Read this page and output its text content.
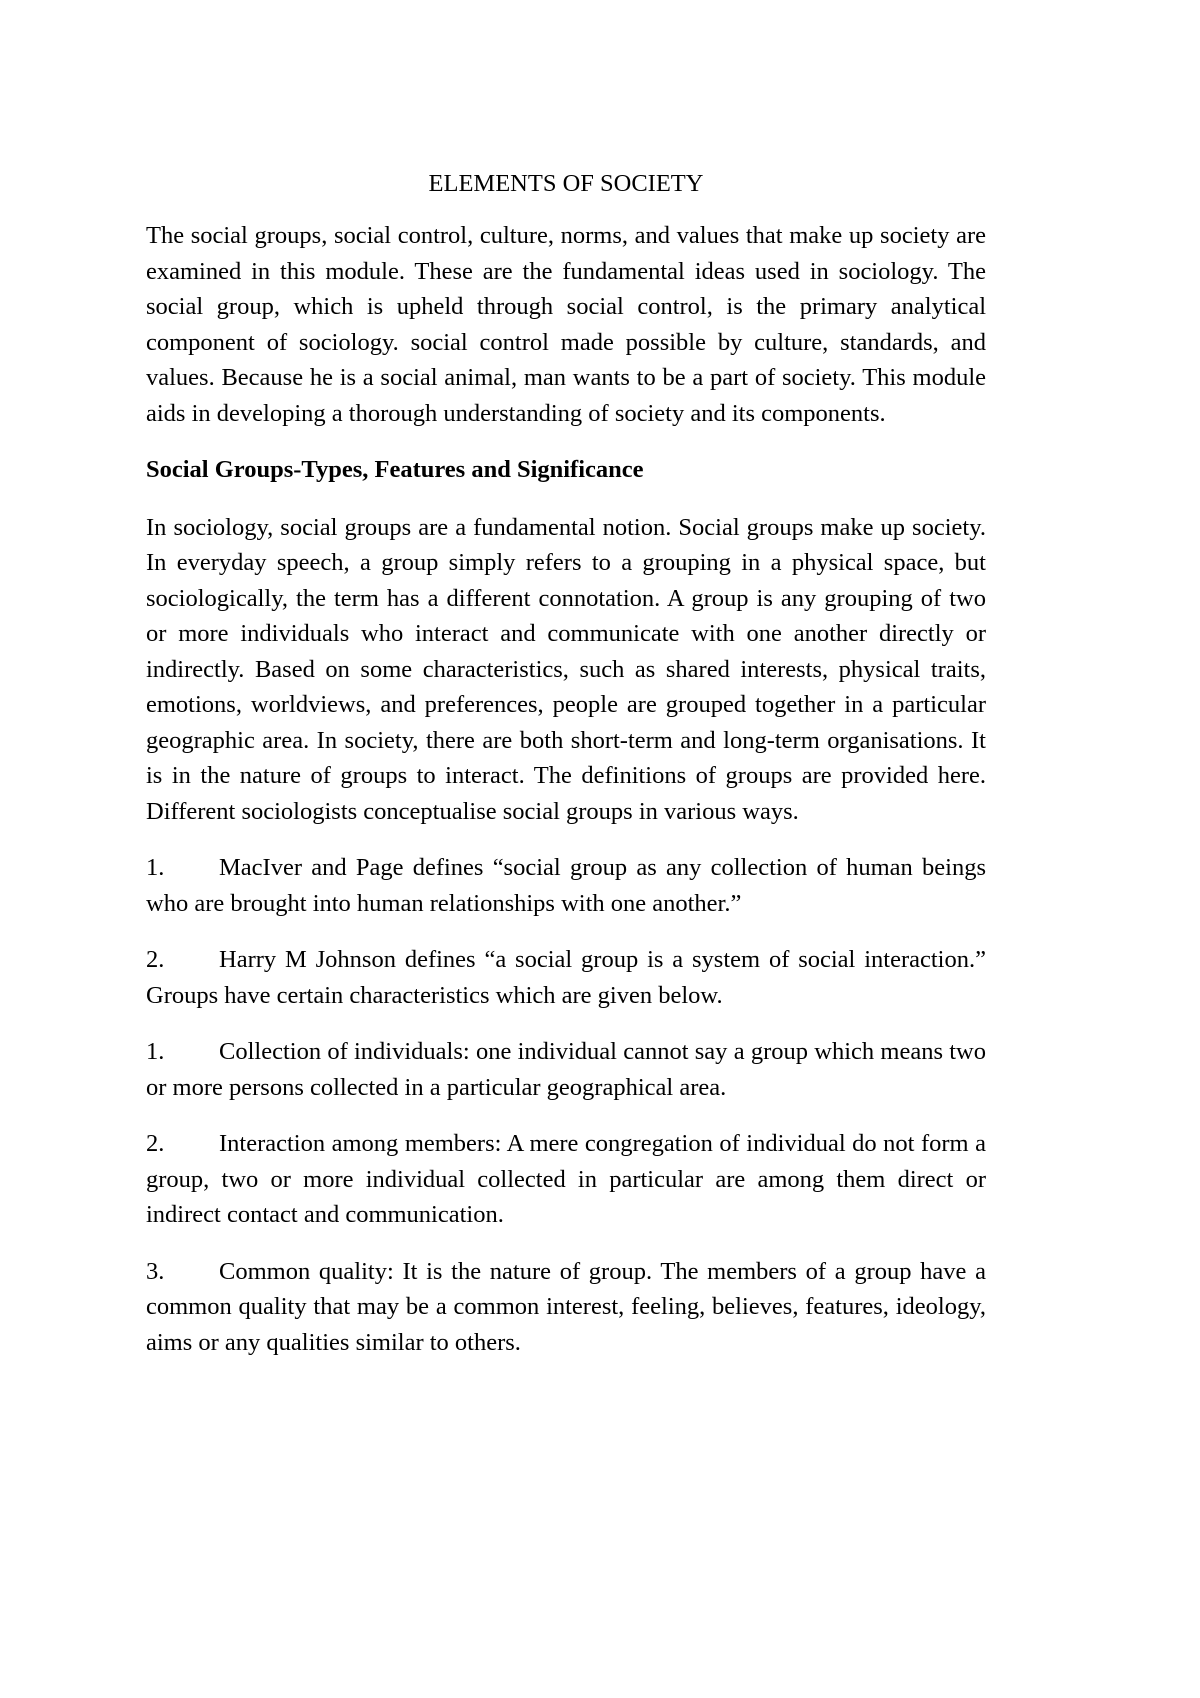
ELEMENTS OF SOCIETY

The social groups, social control, culture, norms, and values that make up society are examined in this module. These are the fundamental ideas used in sociology. The social group, which is upheld through social control, is the primary analytical component of sociology. social control made possible by culture, standards, and values. Because he is a social animal, man wants to be a part of society. This module aids in developing a thorough understanding of society and its components.

Social Groups-Types, Features and Significance

In sociology, social groups are a fundamental notion. Social groups make up society. In everyday speech, a group simply refers to a grouping in a physical space, but sociologically, the term has a different connotation. A group is any grouping of two or more individuals who interact and communicate with one another directly or indirectly. Based on some characteristics, such as shared interests, physical traits, emotions, worldviews, and preferences, people are grouped together in a particular geographic area. In society, there are both short-term and long-term organisations. It is in the nature of groups to interact. The definitions of groups are provided here. Different sociologists conceptualise social groups in various ways.

1. MacIver and Page defines “social group as any collection of human beings who are brought into human relationships with one another.”
2. Harry M Johnson defines “a social group is a system of social interaction.” Groups have certain characteristics which are given below.
1. Collection of individuals: one individual cannot say a group which means two or more persons collected in a particular geographical area.
2. Interaction among members: A mere congregation of individual do not form a group, two or more individual collected in particular are among them direct or indirect contact and communication.
3. Common quality: It is the nature of group. The members of a group have a common quality that may be a common interest, feeling, believes, features, ideology, aims or any qualities similar to others.
